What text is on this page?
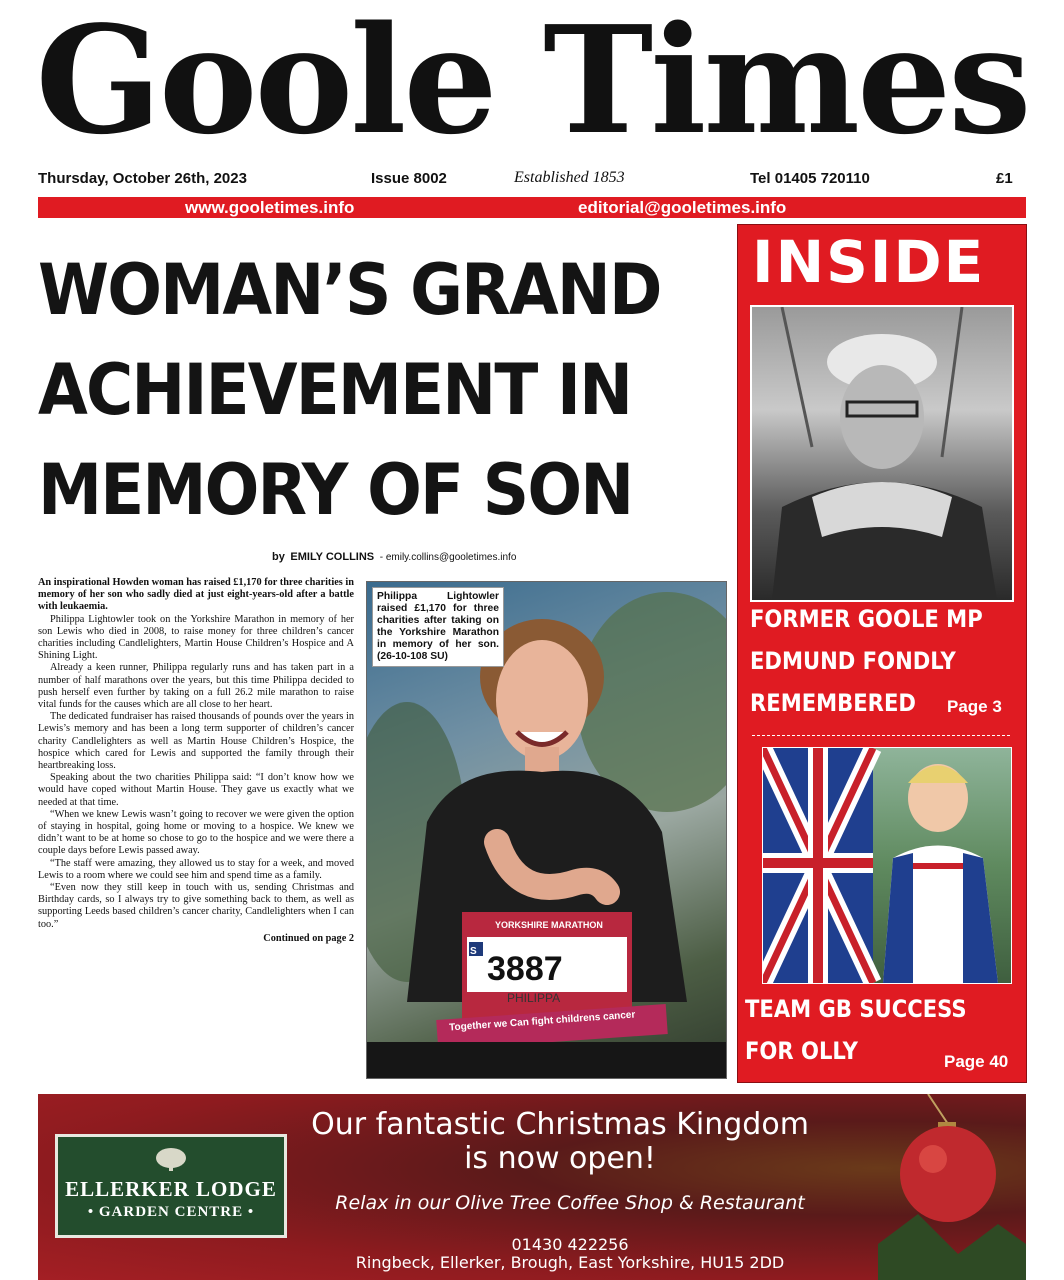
Goole Times
Thursday, October 26th, 2023	Issue 8002	Established 1853	Tel 01405 720110	£1
www.gooletimes.info	editorial@gooletimes.info
WOMAN’S GRAND
ACHIEVEMENT IN
MEMORY OF SON
by EMILY COLLINS - emily.collins@gooletimes.info

An inspirational Howden woman has raised £1,170 for three charities in memory of her son who sadly died at just eight-years-old after a battle with leukaemia.

Philippa Lightowler took on the Yorkshire Marathon in memory of her son Lewis who died in 2008, to raise money for three children’s cancer charities including Candlelighters, Martin House Children’s Hospice and A Shining Light.

Already a keen runner, Philippa regularly runs and has taken part in a number of half marathons over the years, but this time Philippa decided to push herself even further by taking on a full 26.2 mile marathon to raise vital funds for the causes which are all close to her heart.

The dedicated fundraiser has raised thousands of pounds over the years in Lewis’s memory and has been a long term supporter of children’s cancer charity Candlelighters as well as Martin House Children’s Hospice, the hospice which cared for Lewis and supported the family through their heartbreaking loss.

Speaking about the two charities Philippa said: “I don’t know how we would have coped without Martin House. They gave us exactly what we needed at that time.

“When we knew Lewis wasn’t going to recover we were given the option of staying in hospital, going home or moving to a hospice. We knew we didn’t want to be at home so chose to go to the hospice and we were there a couple days before Lewis passed away.

“The staff were amazing, they allowed us to stay for a week, and moved Lewis to a room where we could see him and spend time as a family.

“Even now they still keep in touch with us, sending Christmas and Birthday cards, so I always try to give something back to them, as well as supporting Leeds based children’s cancer charity, Candlelighters when I can too.”

Continued on page 2

3887
S
PHILIPPA
YORKSHIRE MARATHON
Together we Can fight childrens cancer
Philippa Lightowler raised £1,170 for three charities after taking on the Yorkshire Marathon in memory of her son. (26-10-108 SU)
INSIDE
FORMER GOOLE MP
EDMUND FONDLY
REMEMBERED Page 3
TEAM GB SUCCESS
FOR OLLY	Page 40
ELLERKER LODGE
• GARDEN CENTRE •
Our fantastic Christmas Kingdom
is now open!
Relax in our Olive Tree Coffee Shop & Restaurant
01430 422256
Ringbeck, Ellerker, Brough, East Yorkshire, HU15 2DD
